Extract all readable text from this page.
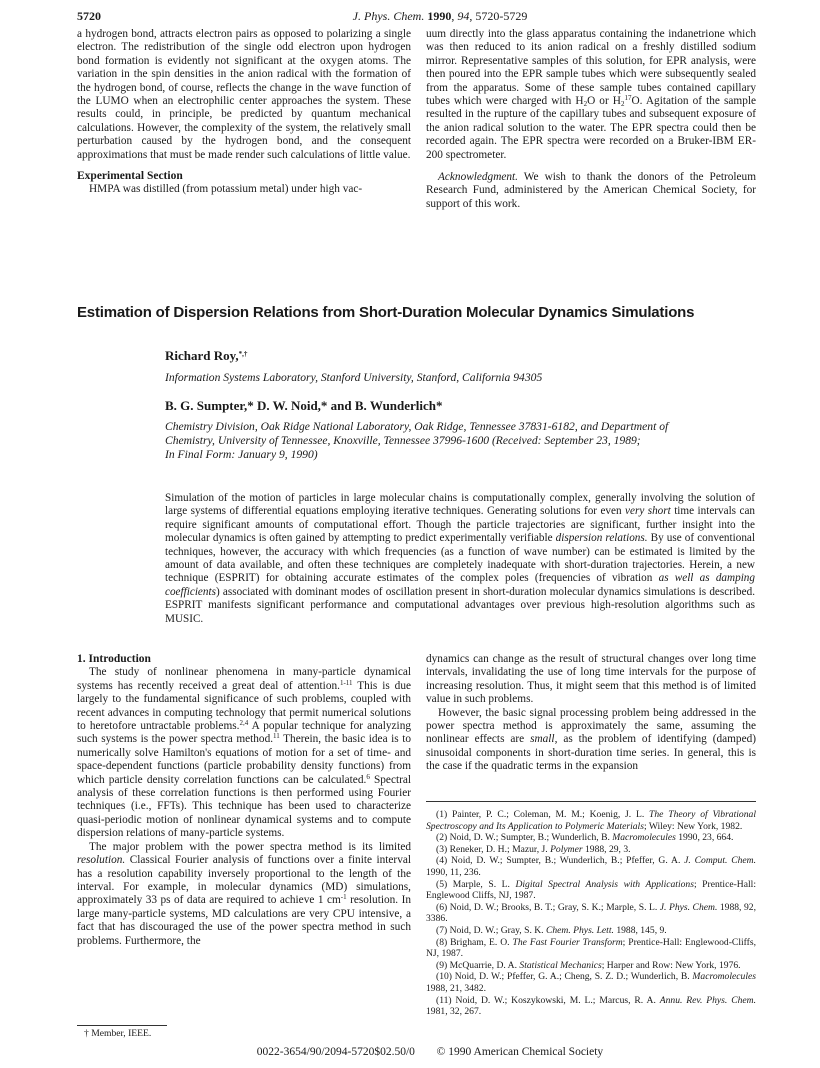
5720	J. Phys. Chem. 1990, 94, 5720-5729

a hydrogen bond, attracts electron pairs as opposed to polarizing a single electron. The redistribution of the single odd electron upon hydrogen bond formation is evidently not significant at the oxygen atoms. The variation in the spin densities in the anion radical with the formation of the hydrogen bond, of course, reflects the change in the wave function of the LUMO when an electrophilic center approaches the system. These results could, in principle, be predicted by quantum mechanical calculations. However, the complexity of the system, the relatively small perturbation caused by the hydrogen bond, and the consequent approximations that must be made render such calculations of little value.

Experimental Section

HMPA was distilled (from potassium metal) under high vac-

uum directly into the glass apparatus containing the indanetrione which was then reduced to its anion radical on a freshly distilled sodium mirror. Representative samples of this solution, for EPR analysis, were then poured into the EPR sample tubes which were subsequently sealed from the apparatus. Some of these sample tubes contained capillary tubes which were charged with $H_2O$ or $H_2^{17}O$. Agitation of the sample resulted in the rupture of the capillary tubes and subsequent exposure of the anion radical solution to the water. The EPR spectra could then be recorded again. The EPR spectra were recorded on a Bruker-IBM ER-200 spectrometer.

Acknowledgment. We wish to thank the donors of the Petroleum Research Fund, administered by the American Chemical Society, for support of this work.

Estimation of Dispersion Relations from Short-Duration Molecular Dynamics Simulations
Richard Roy,*,†
Information Systems Laboratory, Stanford University, Stanford, California 94305
B. G. Sumpter,* D. W. Noid,* and B. Wunderlich*
Chemistry Division, Oak Ridge National Laboratory, Oak Ridge, Tennessee 37831-6182, and Department of
Chemistry, University of Tennessee, Knoxville, Tennessee 37996-1600 (Received: September 23, 1989;
In Final Form: January 9, 1990)

Simulation of the motion of particles in large molecular chains is computationally complex, generally involving the solution of large systems of differential equations employing iterative techniques. Generating solutions for even very short time intervals can require significant amounts of computational effort. Though the particle trajectories are significant, further insight into the molecular dynamics is often gained by attempting to predict experimentally verifiable dispersion relations. By use of conventional techniques, however, the accuracy with which frequencies (as a function of wave number) can be estimated is limited by the amount of data available, and often these techniques are completely inadequate with short-duration trajectories. Herein, a new technique (ESPRIT) for obtaining accurate estimates of the complex poles (frequencies of vibration as well as damping coefficients) associated with dominant modes of oscillation present in short-duration molecular dynamics simulations is described. ESPRIT manifests significant performance and computational advantages over previous high-resolution algorithms such as MUSIC.

1. Introduction

The study of nonlinear phenomena in many-particle dynamical systems has recently received a great deal of attention.$^{1-11}$ This is due largely to the fundamental significance of such problems, coupled with recent advances in computing technology that permit numerical solutions to heretofore untractable problems.$^{2,4}$ A popular technique for analyzing such systems is the power spectra method.$^{11}$ Therein, the basic idea is to numerically solve Hamilton's equations of motion for a set of time- and space-dependent functions (particle probability density functions) from which particle density correlation functions can be calculated.$^6$ Spectral analysis of these correlation functions is then performed using Fourier techniques (i.e., FFTs). This technique has been used to characterize quasi-periodic motion of nonlinear dynamical systems and to compute dispersion relations of many-particle systems.

The major problem with the power spectra method is its limited resolution. Classical Fourier analysis of functions over a finite interval has a resolution capability inversely proportional to the length of the interval. For example, in molecular dynamics (MD) simulations, approximately 33 ps of data are required to achieve 1 $cm^{-1}$ resolution. In large many-particle systems, MD calculations are very CPU intensive, a fact that has discouraged the use of the power spectra method in such problems. Furthermore, the

dynamics can change as the result of structural changes over long time intervals, invalidating the use of long time intervals for the purpose of increasing resolution. Thus, it might seem that this method is of limited value in such problems.

However, the basic signal processing problem being addressed in the power spectra method is approximately the same, assuming the nonlinear effects are small, as the problem of identifying (damped) sinusoidal components in short-duration time series. In general, this is the case if the quadratic terms in the expansion

(1) Painter, P. C.; Coleman, M. M.; Koenig, J. L. The Theory of Vibrational Spectroscopy and Its Application to Polymeric Materials; Wiley: New York, 1982.

(2) Noid, D. W.; Sumpter, B.; Wunderlich, B. Macromolecules 1990, 23, 664.

(3) Reneker, D. H.; Mazur, J. Polymer 1988, 29, 3.

(4) Noid, D. W.; Sumpter, B.; Wunderlich, B.; Pfeffer, G. A. J. Comput. Chem. 1990, 11, 236.

(5) Marple, S. L. Digital Spectral Analysis with Applications; Prentice-Hall: Englewood Cliffs, NJ, 1987.

(6) Noid, D. W.; Brooks, B. T.; Gray, S. K.; Marple, S. L. J. Phys. Chem. 1988, 92, 3386.

(7) Noid, D. W.; Gray, S. K. Chem. Phys. Lett. 1988, 145, 9.

(8) Brigham, E. O. The Fast Fourier Transform; Prentice-Hall: Englewood-Cliffs, NJ, 1987.

(9) McQuarrie, D. A. Statistical Mechanics; Harper and Row: New York, 1976.

(10) Noid, D. W.; Pfeffer, G. A.; Cheng, S. Z. D.; Wunderlich, B. Macromolecules 1988, 21, 3482.

(11) Noid, D. W.; Koszykowski, M. L.; Marcus, R. A. Annu. Rev. Phys. Chem. 1981, 32, 267.

† Member, IEEE.
0022-3654/90/2094-5720$02.50/0 © 1990 American Chemical Society
